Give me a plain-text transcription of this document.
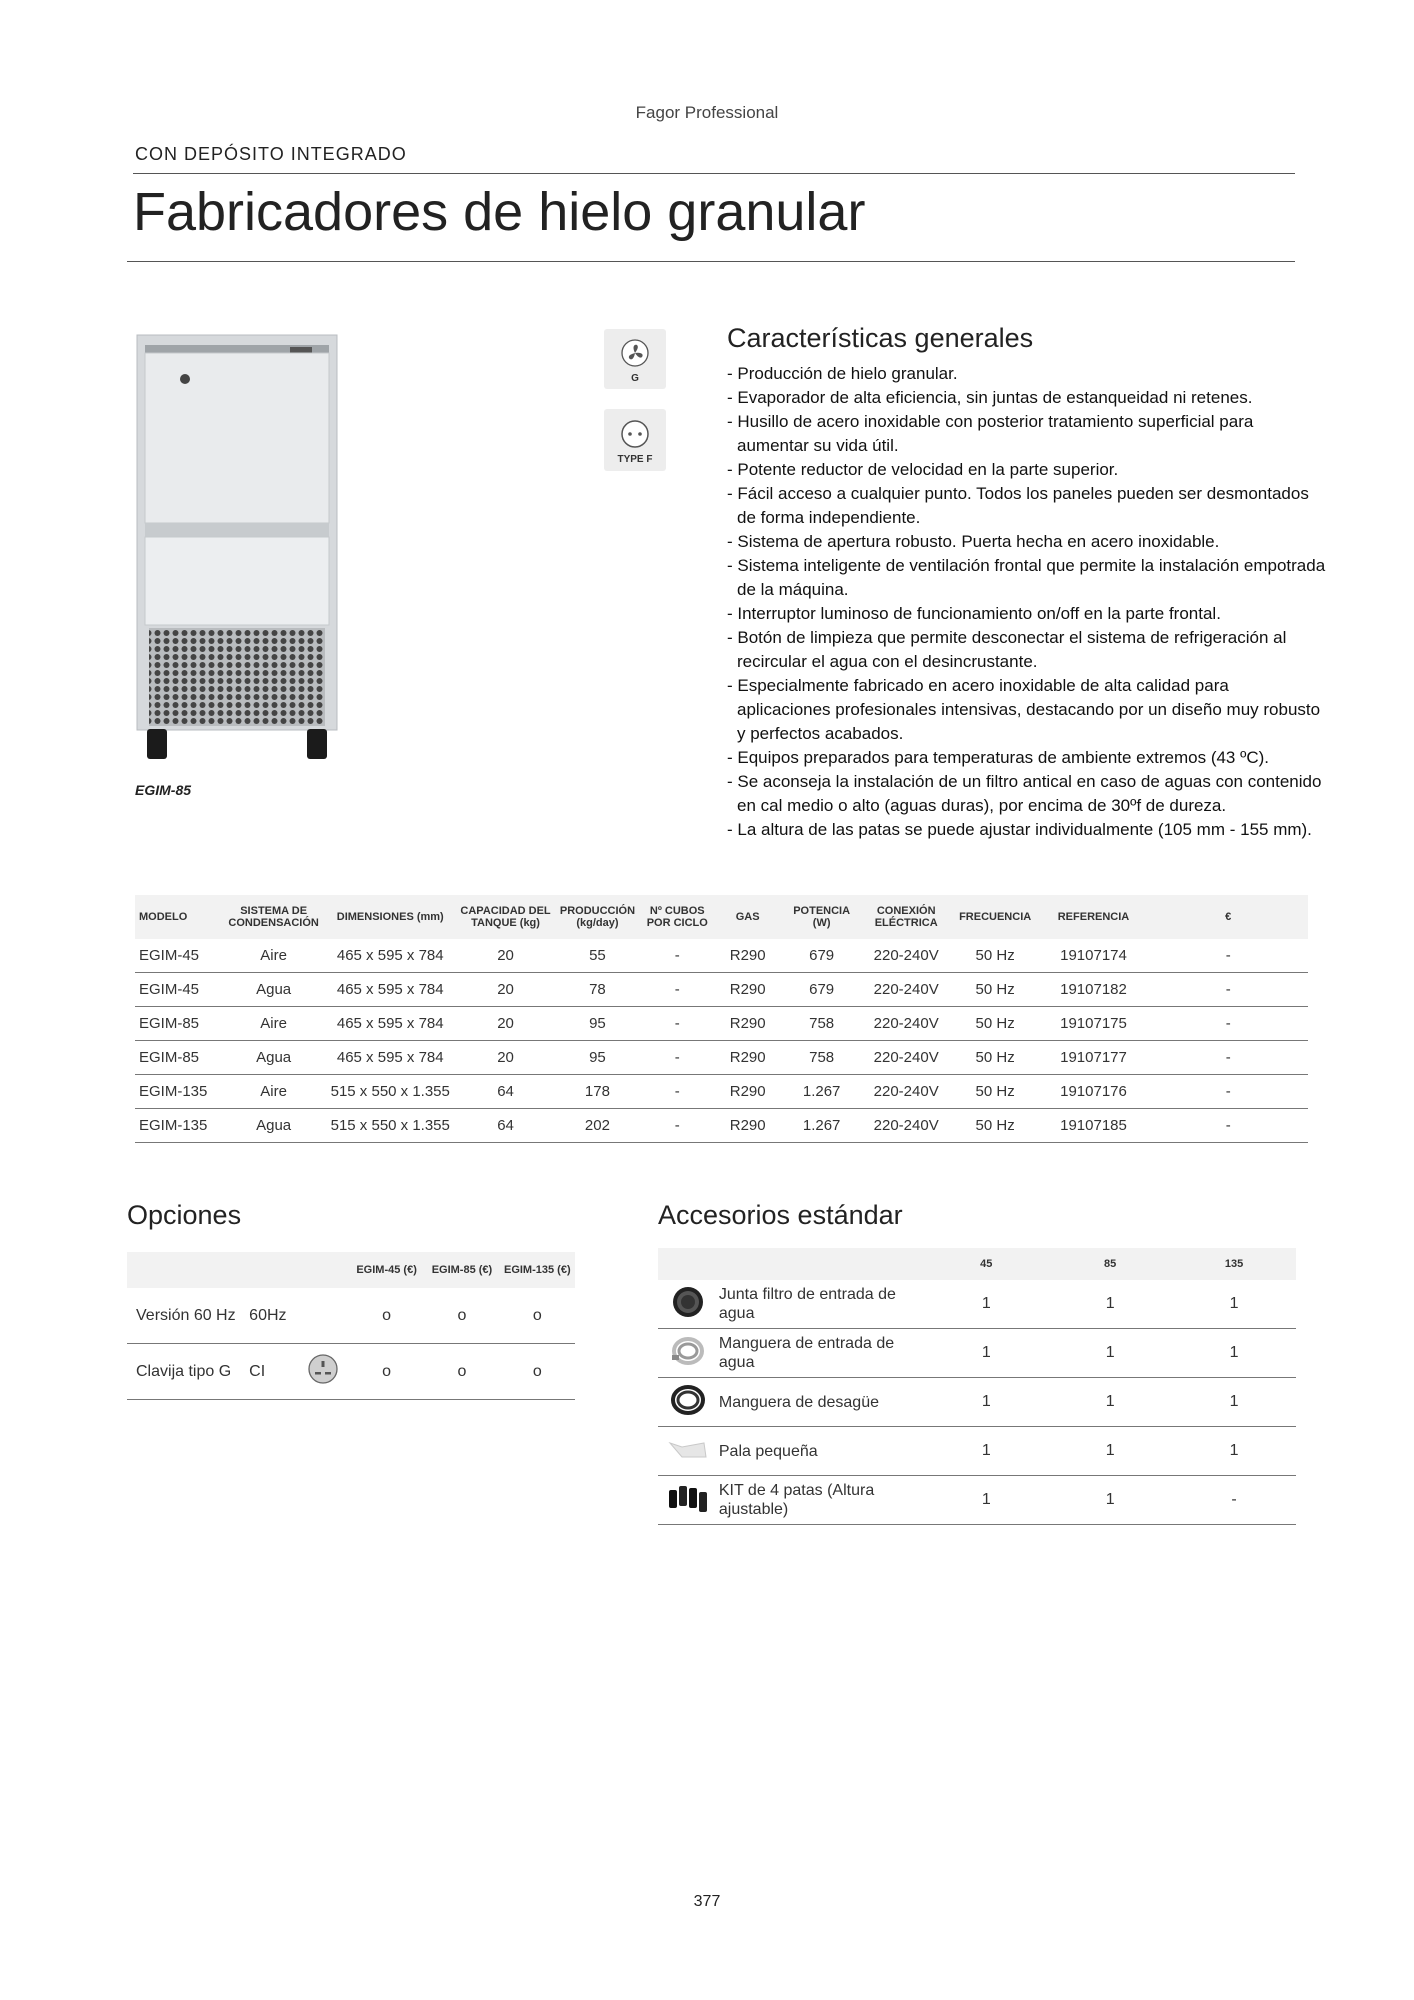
Fagor Professional
CON DEPÓSITO INTEGRADO
Fabricadores de hielo granular
EGIM-85
G
TYPE F
Características generales
- Producción de hielo granular.
- Evaporador de alta eficiencia, sin juntas de estanqueidad ni retenes.
- Husillo de acero inoxidable con posterior tratamiento superficial para aumentar su vida útil.
- Potente reductor de velocidad en la parte superior.
- Fácil acceso a cualquier punto. Todos los paneles pueden ser desmontados de forma independiente.
- Sistema de apertura robusto. Puerta hecha en acero inoxidable.
- Sistema inteligente de ventilación frontal que permite la instalación empotrada de la máquina.
- Interruptor luminoso de funcionamiento on/off en la parte frontal.
- Botón de limpieza que permite desconectar el sistema de refrigeración al recircular el agua con el desincrustante.
- Especialmente fabricado en acero inoxidable de alta calidad para aplicaciones profesionales intensivas, destacando por un diseño muy robusto y perfectos acabados.
- Equipos preparados para temperaturas de ambiente extremos (43 ºC).
- Se aconseja la instalación de un filtro antical en caso de aguas con contenido en cal medio o alto (aguas duras), por encima de 30ºf de dureza.
- La altura de las patas se puede ajustar individualmente (105 mm - 155 mm).
MODELO	SISTEMA DE CONDENSACIÓN	DIMENSIONES (mm)	CAPACIDAD DEL TANQUE (kg)	PRODUCCIÓN (kg/day)	Nº CUBOS POR CICLO	GAS	POTENCIA (W)	CONEXIÓN ELÉCTRICA	FRECUENCIA	REFERENCIA	€
EGIM-45	Aire	465 x 595 x 784	20	55	-	R290	679	220-240V	50 Hz	19107174	-
EGIM-45	Agua	465 x 595 x 784	20	78	-	R290	679	220-240V	50 Hz	19107182	-
EGIM-85	Aire	465 x 595 x 784	20	95	-	R290	758	220-240V	50 Hz	19107175	-
EGIM-85	Agua	465 x 595 x 784	20	95	-	R290	758	220-240V	50 Hz	19107177	-
EGIM-135	Aire	515 x 550 x 1.355	64	178	-	R290	1.267	220-240V	50 Hz	19107176	-
EGIM-135	Agua	515 x 550 x 1.355	64	202	-	R290	1.267	220-240V	50 Hz	19107185	-
Opciones
			EGIM-45 (€)	EGIM-85 (€)	EGIM-135 (€)
Versión 60 Hz	60Hz		o	o	o
Clavija tipo G	CI		o	o	o
Accesorios estándar
		45	85	135
	Junta filtro de entrada de agua	1	1	1
	Manguera de entrada de agua	1	1	1
	Manguera de desagüe	1	1	1
	Pala pequeña	1	1	1
	KIT de 4 patas (Altura ajustable)	1	1	-
377
